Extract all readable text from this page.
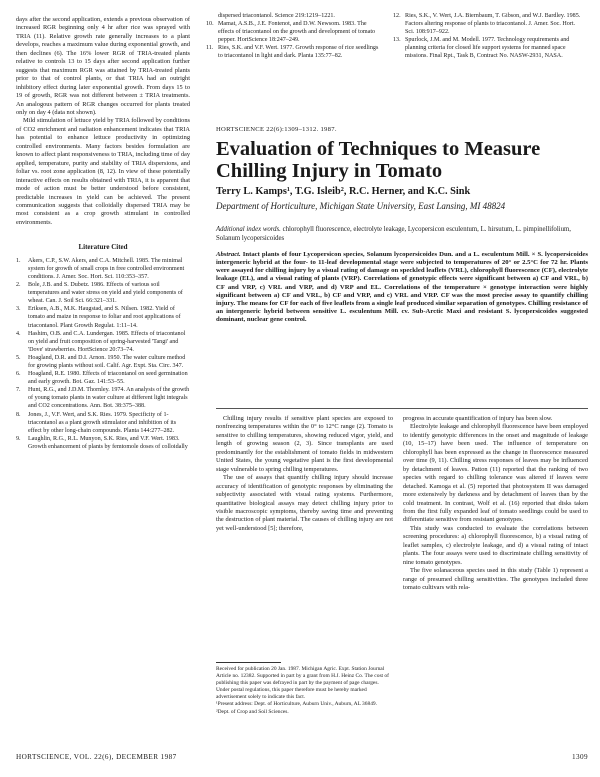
days after the second application, extends a previous observation of increased RGR beginning only 4 hr after rice was sprayed with TRIA (11). Relative growth rate generally increases to a plant develops, reaches a maximum value during exponential growth, and then declines (6). The 16% lower RGR of TRIA-treated plants relative to controls 13 to 15 days after second application further suggests that maximum RGR was attained by TRIA-treated plants prior to that of control plants, or that TRIA had an outright inhibitory effect during later exponential growth. From days 15 to 19 of growth, RGR was not different between ± TRIA treatments. An analogous pattern of RGR changes occurred for plants treated only on day 4 (data not shown).

Mild stimulation of lettuce yield by TRIA followed by conditions of CO2 enrichment and radiation enhancement indicates that TRIA has potential to enhance lettuce productivity in optimizing controlled environments. Many factors besides formulation are known to affect plant responsiveness to TRIA, including time of day applied, temperature, purity and stability of TRIA dispersions, and foliar vs. root zone application (8, 12). In view of these potentially interactive effects on results obtained with TRIA, it is apparent that mode of action must be better understood before consistent, predictable increases in yield can be achieved. The present communication suggests that colloidally dispersed TRIA may be most consistent as a crop growth stimulant in controlled environments.

Literature Cited
1.	Akers, C.P., S.W. Akers, and C.A. Mitchell. 1985. The minimal system for growth of small crops in free controlled environment conditions. J. Amer. Soc. Hort. Sci. 110:353–357.
2.	Bole, J.B. and S. Dubetz. 1986. Effects of various soil temperatures and water stress on yield and yield components of wheat. Can. J. Soil Sci. 66:321–331.
3.	Eriksen, A.B., M.K. Haugstad, and S. Nilsen. 1982. Yield of tomato and maize in response to foliar and root applications of triacontanol. Plant Growth Regulat. 1:11–14.
4.	Hashim, O.B. and C.A. Lundergan. 1985. Effects of triacontanol on yield and fruit composition of spring-harvested 'Tangi' and 'Dove' strawberries. HortScience 20:73–74.
5.	Hoagland, D.R. and D.I. Arnon. 1950. The water culture method for growing plants without soil. Calif. Agr. Expt. Sta. Circ. 347.
6.	Hoagland, R.E. 1980. Effects of triacontanol on seed germination and early growth. Bot. Gaz. 141:53–55.
7.	Hunt, R.G., and J.D.M. Thornley. 1974. An analysis of the growth of young tomato plants in water culture at different light integrals and CO2 concentrations. Ann. Bot. 38:375–388.
8.	Jones, J., V.F. Wert, and S.K. Ries. 1979. Specificity of 1-triacontanol as a plant growth stimulator and inhibition of its effect by other long-chain compounds. Planta 144:277–282.
9.	Laughlin, R.G., R.L. Munyon, S.K. Ries, and V.F. Wert. 1983. Growth enhancement of plants by femtomole doses of colloidally
dispersed triacontanol. Science 219:1219–1221.
10. Mamat, A.S.B., J.E. Fontenot, and D.W. Newsom. 1983. The effects of triacontanol on the growth and development of tomato pepper. HortScience 18:247–249.
11. Ries, S.K. and V.F. Wert. 1977. Growth response of rice seedlings to triacontanol in light and dark. Planta 135:77–82.
12. Ries, S.K., V. Wert, J.A. Biernbaum, T. Gibson, and W.J. Bardley. 1985. Factors altering response of plants to triacontanol. J. Amer. Soc. Hort. Sci. 108:917–922.
13. Spurlock, J.M. and M. Modell. 1977. Technology requirements and planning criteria for closed life support systems for manned space missions. Final Rpt., Task B, Contract No. NASW-2931, NASA.
HORTSCIENCE 22(6):1309–1312. 1987.
Evaluation of Techniques to Measure Chilling Injury in Tomato
Terry L. Kamps¹, T.G. Isleib², R.C. Herner, and K.C. Sink
Department of Horticulture, Michigan State University, East Lansing, MI 48824
Additional index words. chlorophyll fluorescence, electrolyte leakage, Lycopersicon esculentum, L. hirsutum, L. pimpinellifolium, Solanum lycopersicoides
Abstract. Intact plants of four Lycopersicon species, Solanum lycopersicoides Dun. and a L. esculentum Mill. × S. lycopersicoides intergeneric hybrid at the four- to 11-leaf developmental stage were subjected to temperatures of 20° or 2.5°C for 72 hr. Plants were assayed for chilling injury by a visual rating of damage on speckled leaflets (VRL), chlorophyll fluorescence (CF), electrolyte leakage (EL), and a visual rating of plants (VRP). Correlations of genotypic effects were significant between a) CF and VRL, b) CF and VRP, c) VRL and VRP, and d) VRP and EL. Correlations of the temperature × genotype interaction were highly significant between a) CF and VRL, b) CF and VRP, and c) VRL and VRP. CF was the most precise assay to quantify chilling injury. The means for CF for each of five leaflets from a single leaf produced similar separation of genotypes. Chilling resistance of an intergeneric hybrid between sensitive L. esculentum Mill. cv. Sub-Arctic Maxi and resistant S. lycopersicoides suggested dominant, nuclear gene control.

Chilling injury results if sensitive plant species are exposed to nonfreezing temperatures within the 0° to 12°C range (2). Tomato is sensitive to chilling temperatures, showing reduced vigor, yield, and length of growing season (2, 3). Since transplants are used predominantly for the establishment of tomato fields in midwestern United States, the young vegetative plant is the first developmental stage vulnerable to spring chilling temperatures.

The use of assays that quantify chilling injury should increase accuracy of identification of genotypic responses by eliminating the subjectivity associated with visual rating systems. Furthermore, quantitative biological assays may detect chilling injury prior to visible macroscopic symptoms, thereby saving time and preventing the destruction of plant material. The causes of chilling injury are not yet well-understood [5]; therefore,

Received for publication 20 Jan. 1987. Michigan Agric. Expt. Station Journal Article no. 12382. Supported in part by a grant from H.J. Heinz Co. The cost of publishing this paper was defrayed in part by the payment of page charges. Under postal regulations, this paper therefore must be hereby marked advertisement solely to indicate this fact.

¹Present address: Dept. of Horticulture, Auburn Univ., Auburn, AL 36849.

²Dept. of Crop and Soil Sciences.

progress in accurate quantification of injury has been slow.

Electrolyte leakage and chlorophyll fluorescence have been employed to identify genotypic differences in the onset and magnitude of leakage (10, 15–17) have been used. The influence of temperature on chlorophyll has been expressed as the change in fluorescence measured over time (9, 11). Chilling stress responses of leaves may be influenced by detachment of leaves. Patton (11) reported that the ranking of two species with regard to chilling tolerance was altered if leaves were detached. Kamoga et al. (5) reported that photosystem II was damaged more extensively by darkness and by detachment of leaves than by the cold treatment. In contrast, Wolf et al. (16) reported that disks taken from the first fully expanded leaf of tomato seedlings could be used to differentiate sensitive from resistant genotypes.

This study was conducted to evaluate the correlations between screening procedures: a) chlorophyll fluorescence, b) a visual rating of leaflet samples, c) electrolyte leakage, and d) a visual rating of intact plants. The four assays were used to discriminate chilling sensitivity of nine tomato genotypes.

The five solanaceous species used in this study (Table 1) represent a range of presumed chilling sensitivities. The genotypes included three tomato cultivars with rela-

HORTSCIENCE, VOL. 22(6), DECEMBER 1987	1309
